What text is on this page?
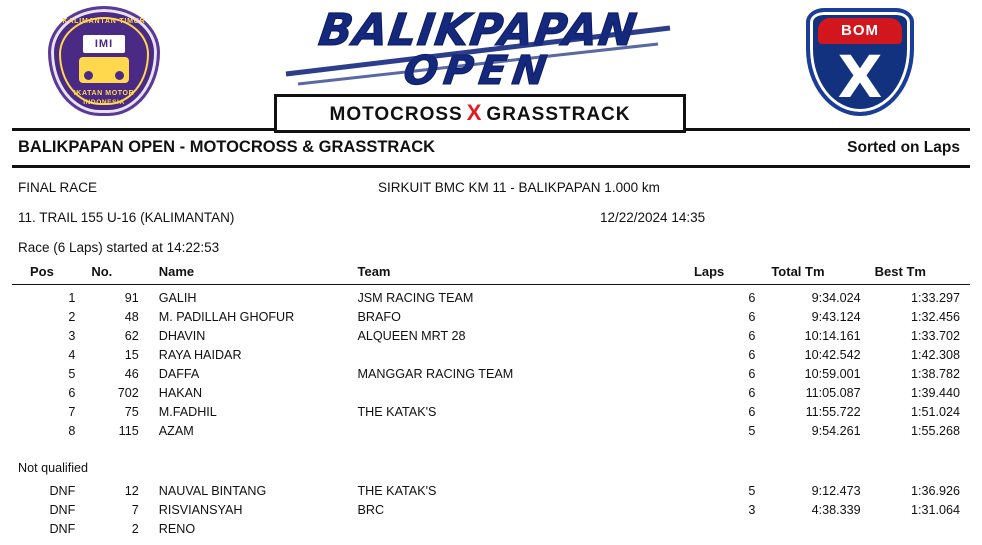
KALIMANTAN TIMUR
IMI
IKATAN MOTOR
INDONESIA
BALIKPAPAN
OPEN
MOTOCROSS X GRASSTRACK
BOM
X
BALIKPAPAN OPEN - MOTOCROSS & GRASSTRACK	Sorted on Laps
FINAL RACE	SIRKUIT BMC KM 11 - BALIKPAPAN 1.000 km
11. TRAIL 155 U-16 (KALIMANTAN)	12/22/2024 14:35
Race (6 Laps) started at 14:22:53
Pos	No.	Name	Team	Laps	Total Tm	Best Tm
1	91	GALIH	JSM RACING TEAM	6	9:34.024	1:33.297
2	48	M. PADILLAH GHOFUR	BRAFO	6	9:43.124	1:32.456
3	62	DHAVIN	ALQUEEN MRT 28	6	10:14.161	1:33.702
4	15	RAYA HAIDAR		6	10:42.542	1:42.308
5	46	DAFFA	MANGGAR RACING TEAM	6	10:59.001	1:38.782
6	702	HAKAN		6	11:05.087	1:39.440
7	75	M.FADHIL	THE KATAK'S	6	11:55.722	1:51.024
8	115	AZAM		5	9:54.261	1:55.268

Not qualified						
DNF	12	NAUVAL BINTANG	THE KATAK'S	5	9:12.473	1:36.926
DNF	7	RISVIANSYAH	BRC	3	4:38.339	1:31.064
DNF	2	RENO				
